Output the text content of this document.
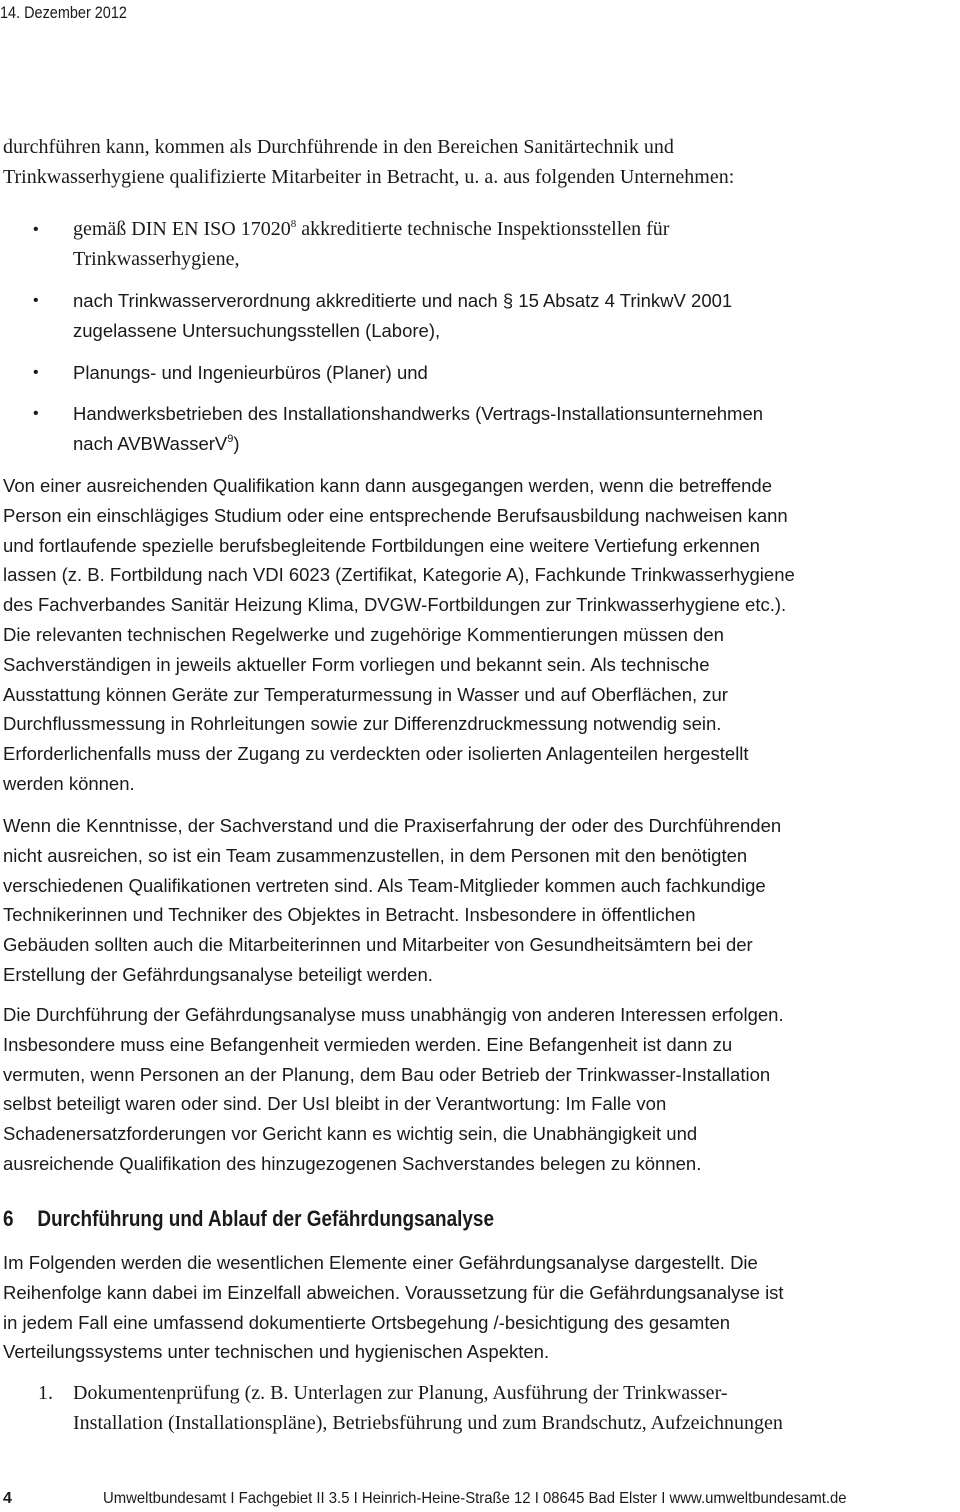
14. Dezember 2012
durchführen kann, kommen als Durchführende in den Bereichen Sanitärtechnik und
Trinkwasserhygiene qualifizierte Mitarbeiter in Betracht, u. a. aus folgenden Unternehmen:
• gemäß DIN EN ISO 17020$^8$ akkreditierte technische Inspektionsstellen für
Trinkwasserhygiene,
• nach Trinkwasserverordnung akkreditierte und nach § 15 Absatz 4 TrinkwV 2001
zugelassene Untersuchungsstellen (Labore),
• Planungs- und Ingenieurbüros (Planer) und
• Handwerksbetrieben des Installationshandwerks (Vertrags-Installationsunternehmen
nach AVBWasserV$^9$)
Von einer ausreichenden Qualifikation kann dann ausgegangen werden, wenn die betreffende
Person ein einschlägiges Studium oder eine entsprechende Berufsausbildung nachweisen kann
und fortlaufende spezielle berufsbegleitende Fortbildungen eine weitere Vertiefung erkennen
lassen (z. B. Fortbildung nach VDI 6023 (Zertifikat, Kategorie A), Fachkunde Trinkwasserhygiene
des Fachverbandes Sanitär Heizung Klima, DVGW-Fortbildungen zur Trinkwasserhygiene etc.).
Die relevanten technischen Regelwerke und zugehörige Kommentierungen müssen den
Sachverständigen in jeweils aktueller Form vorliegen und bekannt sein. Als technische
Ausstattung können Geräte zur Temperaturmessung in Wasser und auf Oberflächen, zur
Durchflussmessung in Rohrleitungen sowie zur Differenzdruckmessung notwendig sein.
Erforderlichenfalls muss der Zugang zu verdeckten oder isolierten Anlagenteilen hergestellt
werden können.
Wenn die Kenntnisse, der Sachverstand und die Praxiserfahrung der oder des Durchführenden
nicht ausreichen, so ist ein Team zusammenzustellen, in dem Personen mit den benötigten
verschiedenen Qualifikationen vertreten sind. Als Team-Mitglieder kommen auch fachkundige
Technikerinnen und Techniker des Objektes in Betracht. Insbesondere in öffentlichen
Gebäuden sollten auch die Mitarbeiterinnen und Mitarbeiter von Gesundheitsämtern bei der
Erstellung der Gefährdungsanalyse beteiligt werden.
Die Durchführung der Gefährdungsanalyse muss unabhängig von anderen Interessen erfolgen.
Insbesondere muss eine Befangenheit vermieden werden. Eine Befangenheit ist dann zu
vermuten, wenn Personen an der Planung, dem Bau oder Betrieb der Trinkwasser-Installation
selbst beteiligt waren oder sind. Der UsI bleibt in der Verantwortung: Im Falle von
Schadenersatzforderungen vor Gericht kann es wichtig sein, die Unabhängigkeit und
ausreichende Qualifikation des hinzugezogenen Sachverstandes belegen zu können.
6 Durchführung und Ablauf der Gefährdungsanalyse
Im Folgenden werden die wesentlichen Elemente einer Gefährdungsanalyse dargestellt. Die
Reihenfolge kann dabei im Einzelfall abweichen. Voraussetzung für die Gefährdungsanalyse ist
in jedem Fall eine umfassend dokumentierte Ortsbegehung /-besichtigung des gesamten
Verteilungssystems unter technischen und hygienischen Aspekten.
1. Dokumentenprüfung (z. B. Unterlagen zur Planung, Ausführung der Trinkwasser-
Installation (Installationspläne), Betriebsführung und zum Brandschutz, Aufzeichnungen
4	Umweltbundesamt I Fachgebiet II 3.5 I Heinrich-Heine-Straße 12 I 08645 Bad Elster I www.umweltbundesamt.de
